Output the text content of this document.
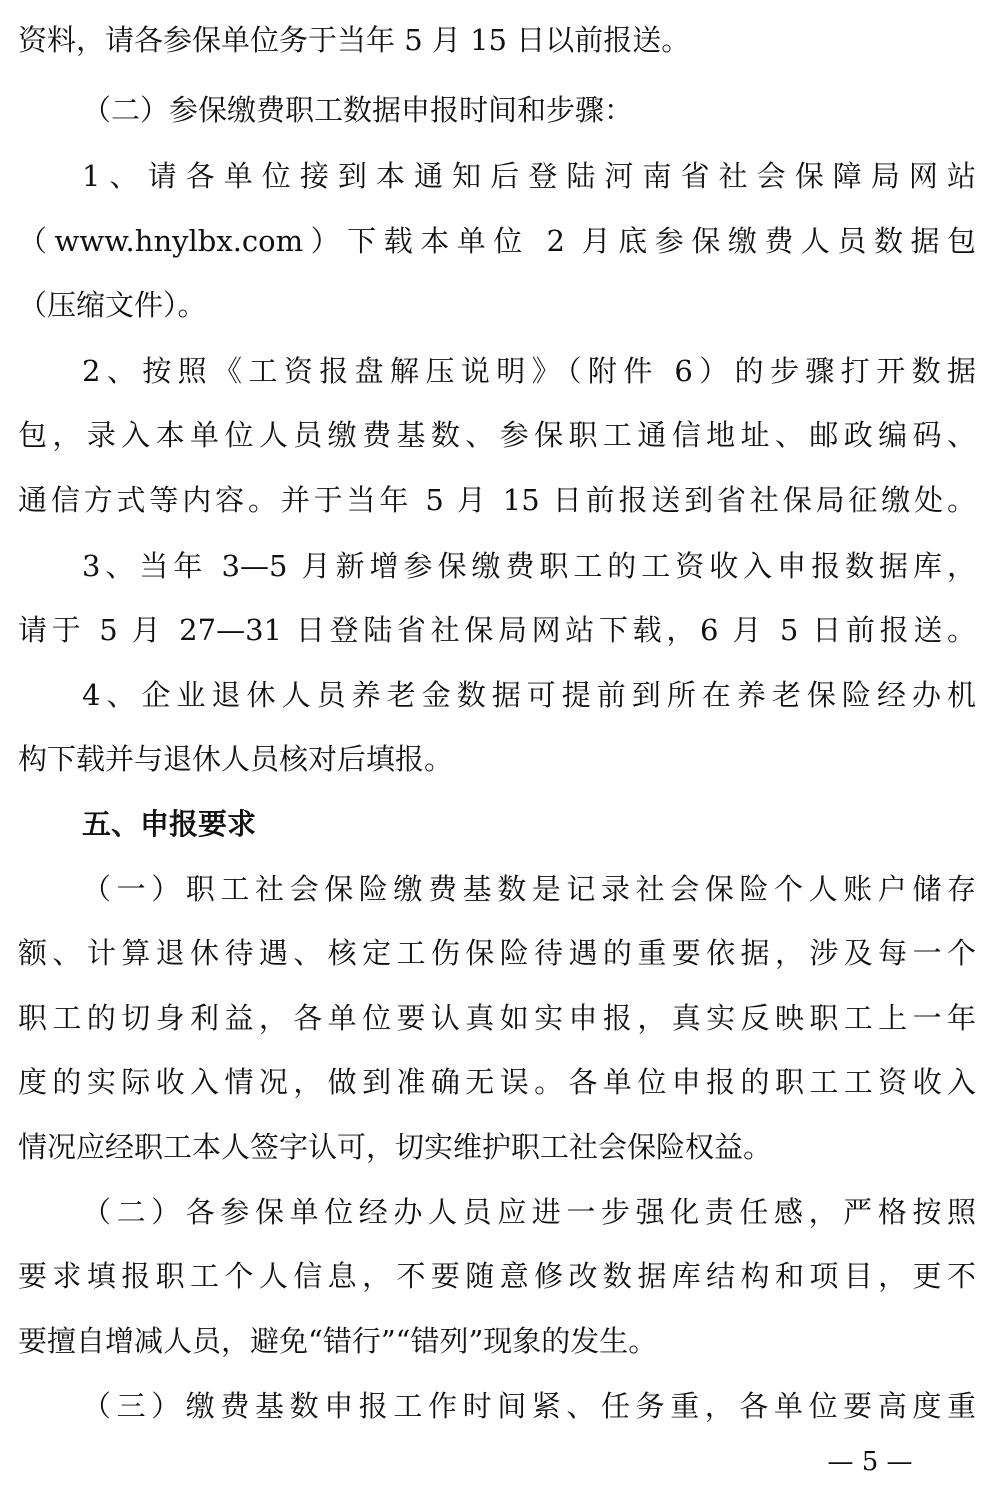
资料，请各参保单位务于当年 5 月 15 日以前报送。
（二）参保缴费职工数据申报时间和步骤：
1、请各单位接到本通知后登陆河南省社会保障局网站
（www.hnylbx.com）下载本单位 2 月底参保缴费人员数据包
（压缩文件）。
2、按照《工资报盘解压说明》（附件 6）的步骤打开数据
包，录入本单位人员缴费基数、参保职工通信地址、邮政编码、
通信方式等内容。并于当年 5 月 15 日前报送到省社保局征缴处。
3、当年 3—5 月新增参保缴费职工的工资收入申报数据库，
请于 5 月 27—31 日登陆省社保局网站下载，6 月 5 日前报送。
4、企业退休人员养老金数据可提前到所在养老保险经办机
构下载并与退休人员核对后填报。
五、申报要求
（一）职工社会保险缴费基数是记录社会保险个人账户储存
额、计算退休待遇、核定工伤保险待遇的重要依据，涉及每一个
职工的切身利益，各单位要认真如实申报，真实反映职工上一年
度的实际收入情况，做到准确无误。各单位申报的职工工资收入
情况应经职工本人签字认可，切实维护职工社会保险权益。
（二）各参保单位经办人员应进一步强化责任感，严格按照
要求填报职工个人信息，不要随意修改数据库结构和项目，更不
要擅自增减人员，避免“错行”“错列”现象的发生。
（三）缴费基数申报工作时间紧、任务重，各单位要高度重
— 5 —
